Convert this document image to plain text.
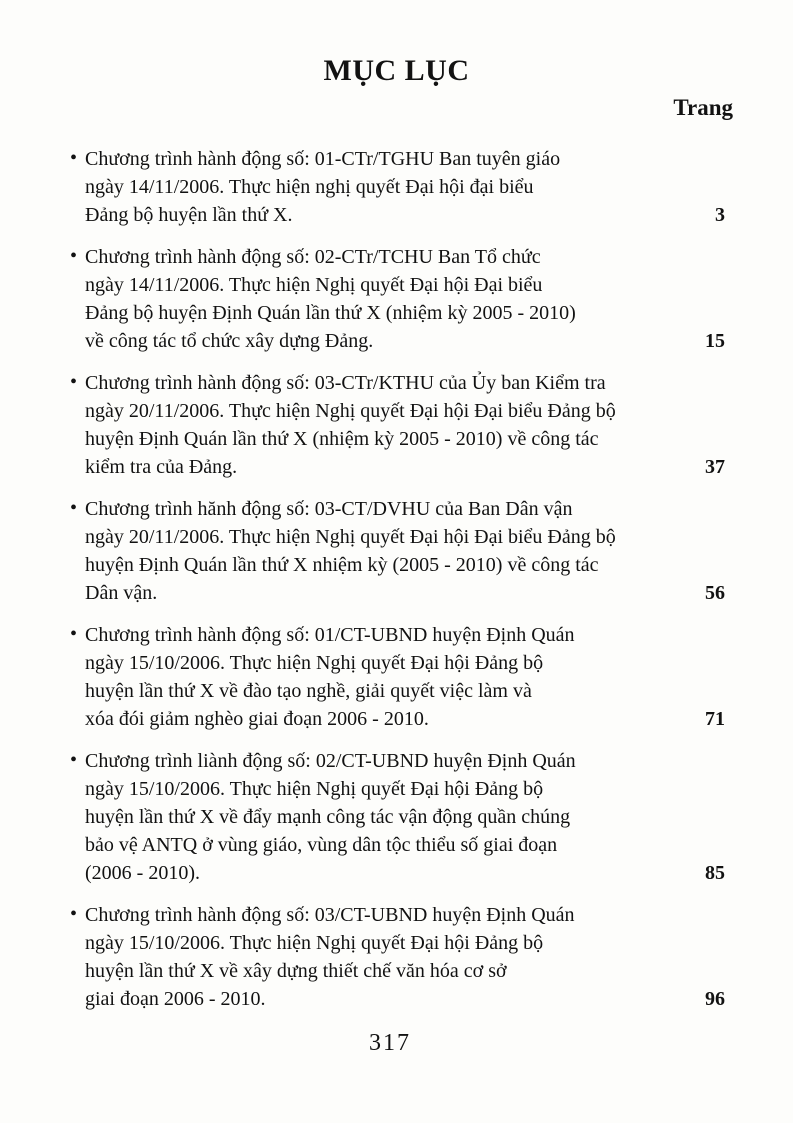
MỤC LỤC
Trang
• Chương trình hành động số: 01-CTr/TGHU Ban tuyên giáo
ngày 14/11/2006. Thực hiện nghị quyết Đại hội đại biểu
Đảng bộ huyện lần thứ X.	3
• Chương trình hành động số: 02-CTr/TCHU Ban Tổ chức
ngày 14/11/2006. Thực hiện Nghị quyết Đại hội Đại biểu
Đảng bộ huyện Định Quán lần thứ X (nhiệm kỳ 2005 - 2010)
về công tác tổ chức xây dựng Đảng.	15
• Chương trình hành động số: 03-CTr/KTHU của Ủy ban Kiểm tra
ngày 20/11/2006. Thực hiện Nghị quyết Đại hội Đại biểu Đảng bộ
huyện Định Quán lần thứ X (nhiệm kỳ 2005 - 2010) về công tác
kiểm tra của Đảng.	37
• Chương trình hănh động số: 03-CT/DVHU của Ban Dân vận
ngày 20/11/2006. Thực hiện Nghị quyết Đại hội Đại biểu Đảng bộ
huyện Định Quán lần thứ X nhiệm kỳ (2005 - 2010) về công tác
Dân vận.	56
• Chương trình hành động số: 01/CT-UBND huyện Định Quán
ngày 15/10/2006. Thực hiện Nghị quyết Đại hội Đảng bộ
huyện lần thứ X về đào tạo nghề, giải quyết việc làm và
xóa đói giảm nghèo giai đoạn 2006 - 2010.	71
• Chương trình liành động số: 02/CT-UBND huyện Định Quán
ngày 15/10/2006. Thực hiện Nghị quyết Đại hội Đảng bộ
huyện lần thứ X về đẩy mạnh công tác vận động quần chúng
bảo vệ ANTQ ở vùng giáo, vùng dân tộc thiểu số giai đoạn
(2006 - 2010).	85
• Chương trình hành động số: 03/CT-UBND huyện Định Quán
ngày 15/10/2006. Thực hiện Nghị quyết Đại hội Đảng bộ
huyện lần thứ X về xây dựng thiết chế văn hóa cơ sở
giai đoạn 2006 - 2010.	96
317
